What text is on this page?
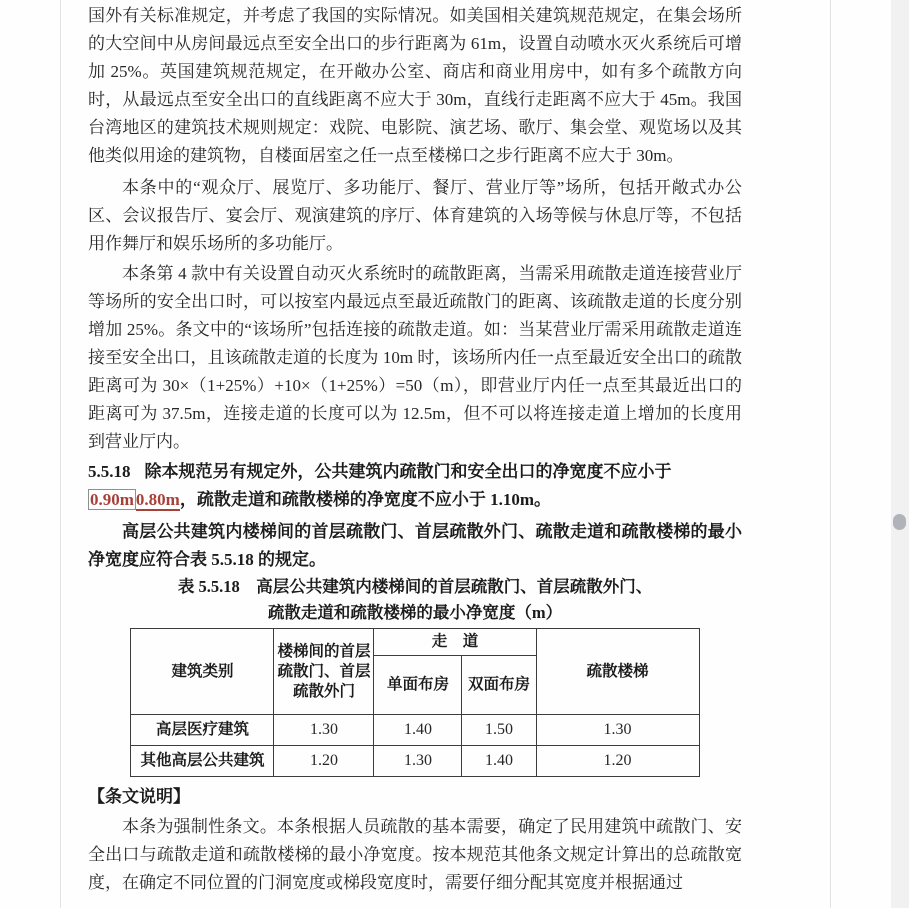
国外有关标准规定，并考虑了我国的实际情况。如美国相关建筑规范规定，在集会场所的大空间中从房间最远点至安全出口的步行距离为 61m，设置自动喷水灭火系统后可增加 25%。英国建筑规范规定，在开敞办公室、商店和商业用房中，如有多个疏散方向时，从最远点至安全出口的直线距离不应大于 30m，直线行走距离不应大于 45m。我国台湾地区的建筑技术规则规定：戏院、电影院、演艺场、歌厅、集会堂、观览场以及其他类似用途的建筑物，自楼面居室之任一点至楼梯口之步行距离不应大于 30m。
本条中的“观众厅、展览厅、多功能厅、餐厅、营业厅等”场所，包括开敞式办公区、会议报告厅、宴会厅、观演建筑的序厅、体育建筑的入场等候与休息厅等，不包括用作舞厅和娱乐场所的多功能厅。
本条第 4 款中有关设置自动灭火系统时的疏散距离，当需采用疏散走道连接营业厅等场所的安全出口时，可以按室内最远点至最近疏散门的距离、该疏散走道的长度分别增加 25%。条文中的“该场所”包括连接的疏散走道。如：当某营业厅需采用疏散走道连接至安全出口，且该疏散走道的长度为 10m 时，该场所内任一点至最近安全出口的疏散距离可为 30×（1+25%）+10×（1+25%）=50（m），即营业厅内任一点至其最近出口的距离可为 37.5m，连接走道的长度可以为 12.5m，但不可以将连接走道上增加的长度用到营业厅内。
5.5.18 除本规范另有规定外，公共建筑内疏散门和安全出口的净宽度不应小于
0.90m 0.80m，疏散走道和疏散楼梯的净宽度不应小于 1.10m。
高层公共建筑内楼梯间的首层疏散门、首层疏散外门、疏散走道和疏散楼梯的最小净宽度应符合表 5.5.18 的规定。
表 5.5.18　高层公共建筑内楼梯间的首层疏散门、首层疏散外门、
疏散走道和疏散楼梯的最小净宽度（m）
建筑类别	楼梯间的首层疏散门、首层疏散外门	走　道		疏散楼梯
		单面布房	双面布房	
高层医疗建筑	1.30	1.40	1.50	1.30
其他高层公共建筑	1.20	1.30	1.40	1.20
【条文说明】
本条为强制性条文。本条根据人员疏散的基本需要，确定了民用建筑中疏散门、安全出口与疏散走道和疏散楼梯的最小净宽度。按本规范其他条文规定计算出的总疏散宽度，在确定不同位置的门洞宽度或梯段宽度时，需要仔细分配其宽度并根据通过
